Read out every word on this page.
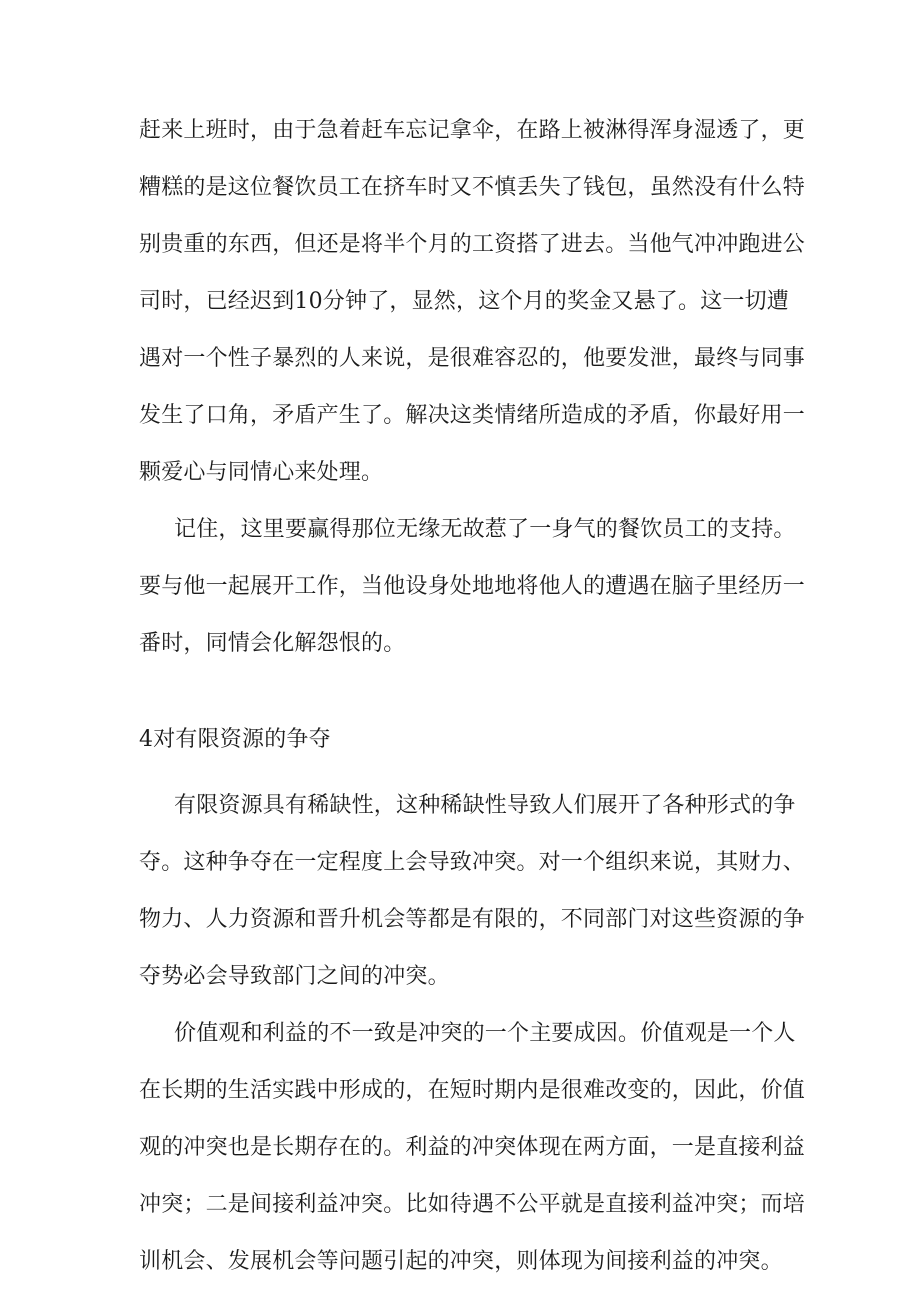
赶来上班时，由于急着赶车忘记拿伞，在路上被淋得浑身湿透了，更
糟糕的是这位餐饮员工在挤车时又不慎丢失了钱包，虽然没有什么特
别贵重的东西，但还是将半个月的工资搭了进去。当他气冲冲跑进公
司时，已经迟到10分钟了，显然，这个月的奖金又悬了。这一切遭
遇对一个性子暴烈的人来说，是很难容忍的，他要发泄，最终与同事
发生了口角，矛盾产生了。解决这类情绪所造成的矛盾，你最好用一
颗爱心与同情心来处理。
记住，这里要赢得那位无缘无故惹了一身气的餐饮员工的支持。
要与他一起展开工作，当他设身处地地将他人的遭遇在脑子里经历一
番时，同情会化解怨恨的。
4对有限资源的争夺
有限资源具有稀缺性，这种稀缺性导致人们展开了各种形式的争
夺。这种争夺在一定程度上会导致冲突。对一个组织来说，其财力、
物力、人力资源和晋升机会等都是有限的，不同部门对这些资源的争
夺势必会导致部门之间的冲突。
价值观和利益的不一致是冲突的一个主要成因。价值观是一个人
在长期的生活实践中形成的，在短时期内是很难改变的，因此，价值
观的冲突也是长期存在的。利益的冲突体现在两方面，一是直接利益
冲突；二是间接利益冲突。比如待遇不公平就是直接利益冲突；而培
训机会、发展机会等问题引起的冲突，则体现为间接利益的冲突。
